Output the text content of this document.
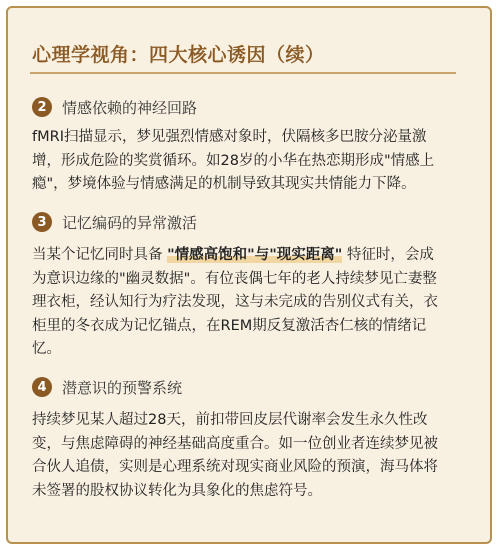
心理学视角：四大核心诱因（续）
2	情感依赖的神经回路
fMRI扫描显示，梦见强烈情感对象时，伏隔核多巴胺分泌量激
增，形成危险的奖赏循环。如28岁的小华在热恋期形成"情感上
瘾"，梦境体验与情感满足的机制导致其现实共情能力下降。
3	记忆编码的异常激活
当某个记忆同时具备 "情感高饱和"与"现实距离" 特征时，会成
为意识边缘的"幽灵数据"。有位丧偶七年的老人持续梦见亡妻整
理衣柜，经认知行为疗法发现，这与未完成的告别仪式有关，衣
柜里的冬衣成为记忆锚点，在REM期反复激活杏仁核的情绪记
忆。
4	潜意识的预警系统
持续梦见某人超过28天，前扣带回皮层代谢率会发生永久性改
变，与焦虑障碍的神经基础高度重合。如一位创业者连续梦见被
合伙人追债，实则是心理系统对现实商业风险的预演，海马体将
未签署的股权协议转化为具象化的焦虑符号。
